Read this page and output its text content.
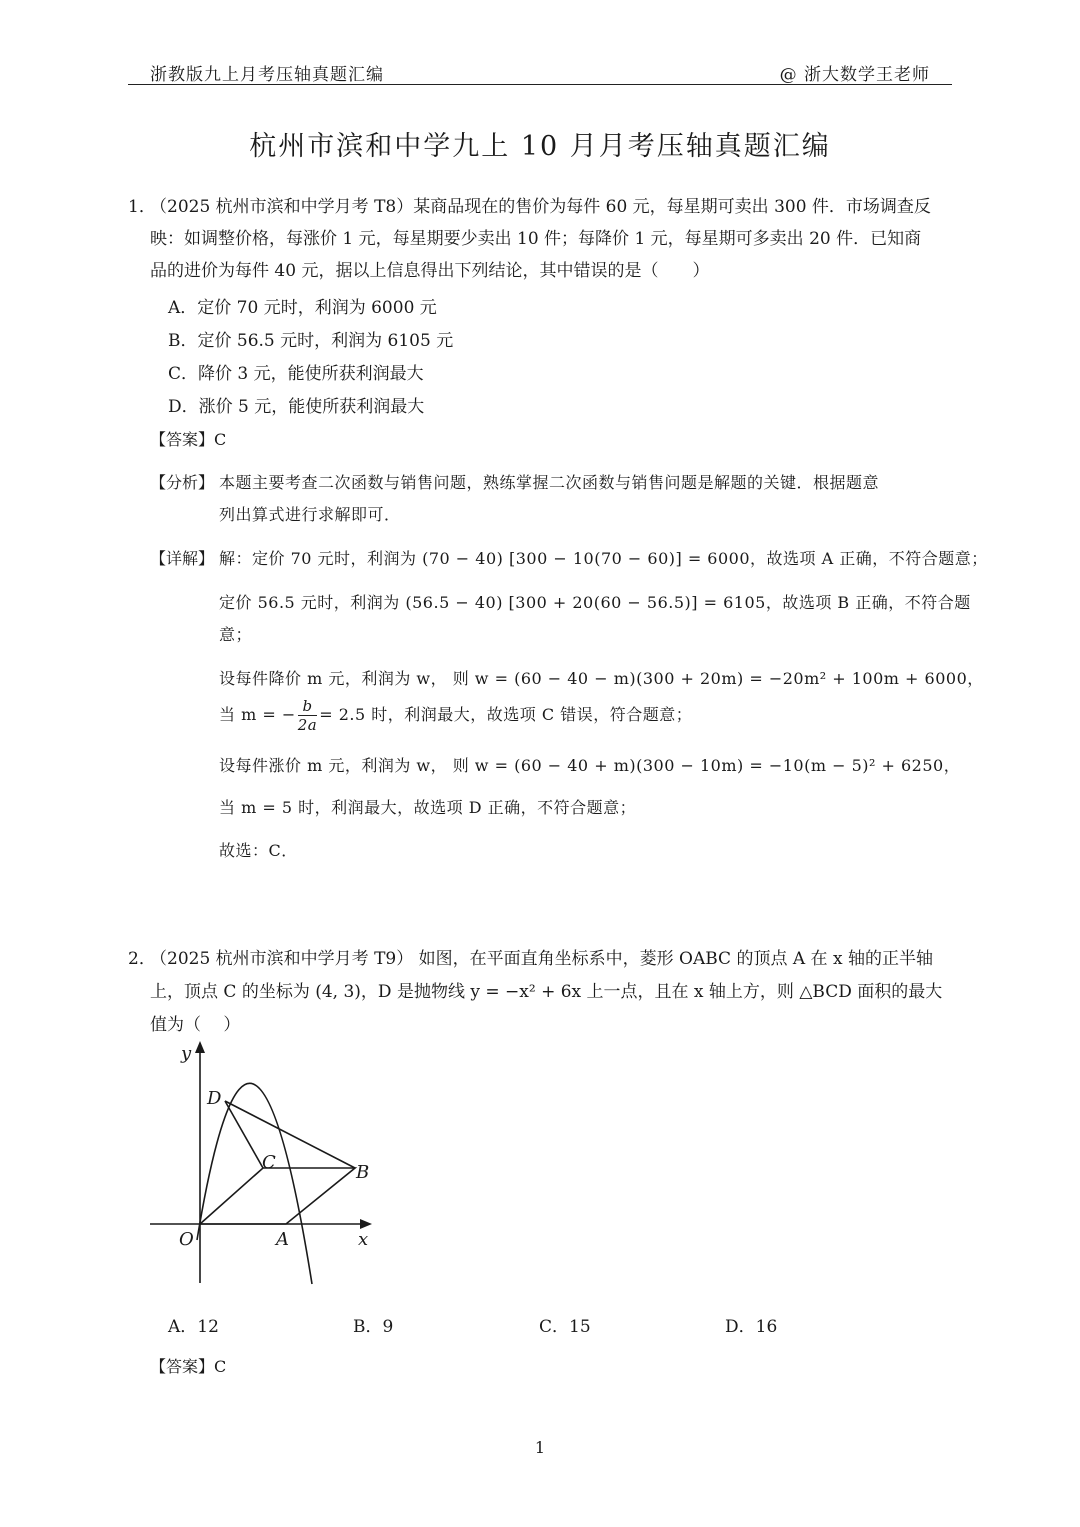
浙教版九上月考压轴真题汇编	@ 浙大数学王老师
杭州市滨和中学九上 10 月月考压轴真题汇编
1．
（2025 杭州市滨和中学月考 T8）某商品现在的售价为每件 60 元，每星期可卖出 300 件．市场调查反
映：如调整价格，每涨价 1 元，每星期要少卖出 10 件；每降价 1 元，每星期可多卖出 20 件．已知商
品的进价为每件 40 元，据以上信息得出下列结论，其中错误的是（　　）
A．定价 70 元时，利润为 6000 元
B．定价 56.5 元时，利润为 6105 元
C．降价 3 元，能使所获利润最大
D．涨价 5 元，能使所获利润最大
【答案】C
【分析】 本题主要考查二次函数与销售问题，熟练掌握二次函数与销售问题是解题的关键．根据题意
列出算式进行求解即可．
【详解】 解：定价 70 元时，利润为 (70 − 40) [300 − 10(70 − 60)] = 6000，故选项 A 正确，不符合题意；
定价 56.5 元时，利润为 (56.5 − 40) [300 + 20(60 − 56.5)] = 6105，故选项 B 正确，不符合题
意；
设每件降价 m 元，利润为 w， 则 w = (60 − 40 − m)(300 + 20m) = −20m² + 100m + 6000，
当 m = − $\frac{b}{2a} = 2.5$ 时，利润最大，故选项 C 错误，符合题意；
设每件涨价 m 元，利润为 w， 则 w = (60 − 40 + m)(300 − 10m) = −10(m − 5)² + 6250，
当 m = 5 时，利润最大，故选项 D 正确，不符合题意；
故选：C．
2．
（2025 杭州市滨和中学月考 T9） 如图，在平面直角坐标系中，菱形 OABC 的顶点 A 在 x 轴的正半轴
上，顶点 C 的坐标为 (4, 3)，D 是抛物线 y = −x² + 6x 上一点，且在 x 轴上方，则 △BCD 面积的最大
值为（　 ）
y
x
O	A
B
C
D
A．12	B．9	C．15	D．16
【答案】C
1
